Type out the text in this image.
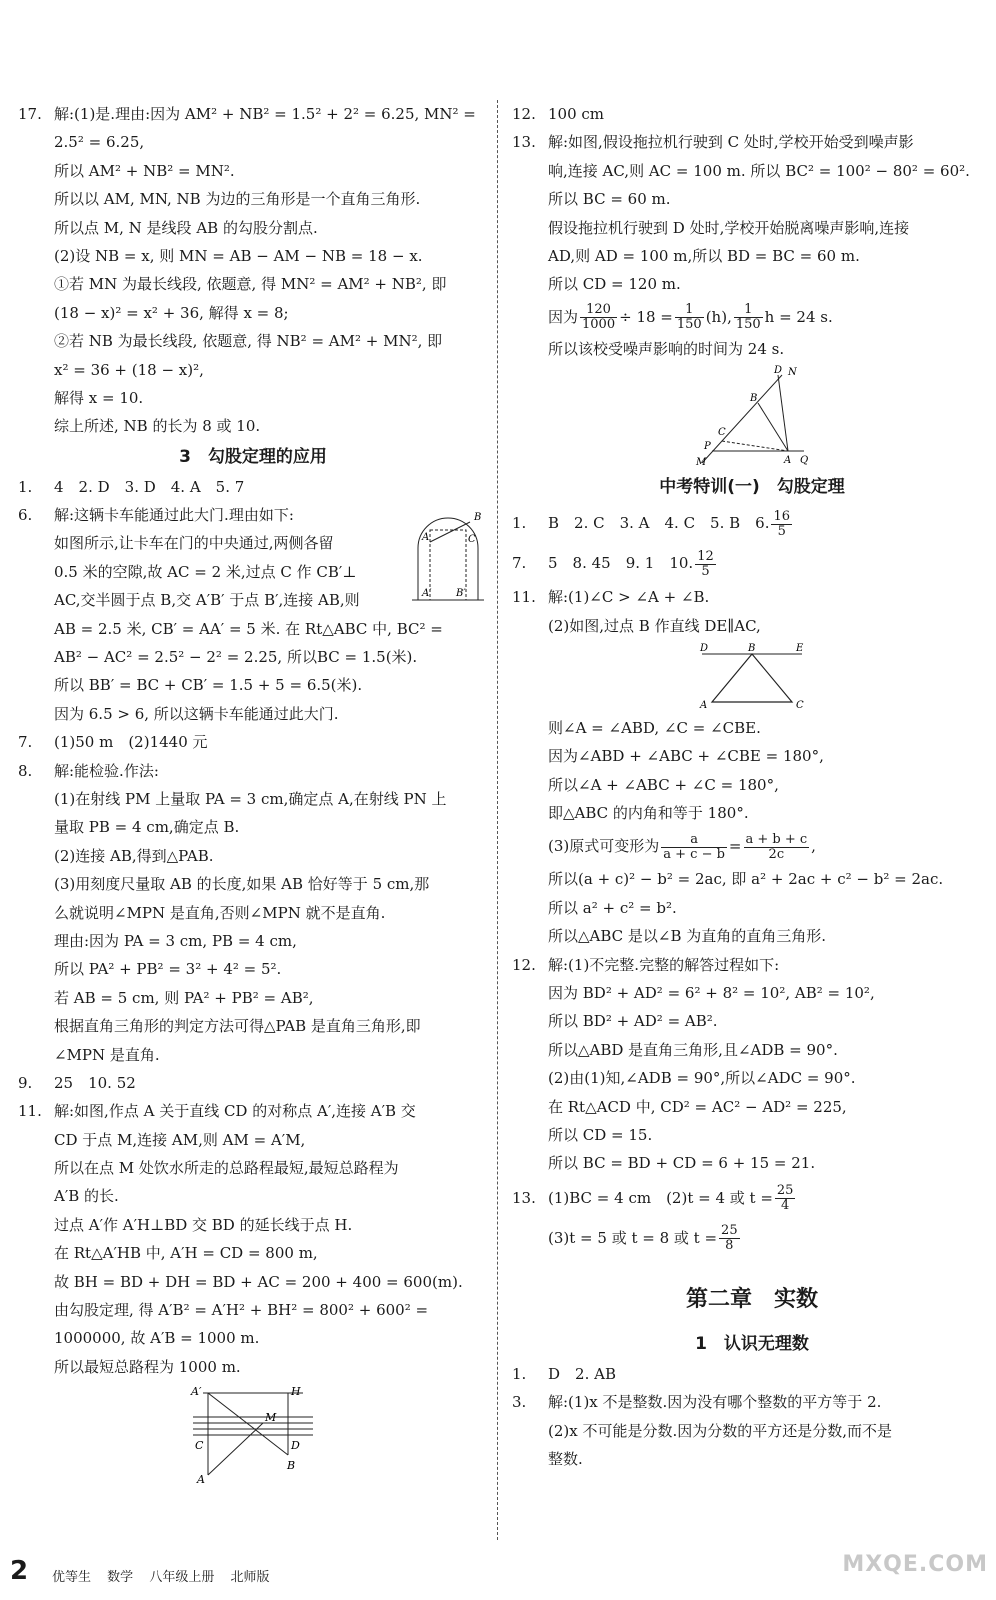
17. 解:(1)是.理由:因为 AM² + NB² = 1.5² + 2² = 6.25, MN² =
2.5² = 6.25,
所以 AM² + NB² = MN².
所以以 AM, MN, NB 为边的三角形是一个直角三角形.
所以点 M, N 是线段 AB 的勾股分割点.
(2)设 NB = x, 则 MN = AB − AM − NB = 18 − x.
①若 MN 为最长线段, 依题意, 得 MN² = AM² + NB², 即
(18 − x)² = x² + 36, 解得 x = 8;
②若 NB 为最长线段, 依题意, 得 NB² = AM² + MN², 即
x² = 36 + (18 − x)²,
解得 x = 10.
综上所述, NB 的长为 8 或 10.
3　勾股定理的应用
1. 4　2. D　3. D　4. A　5. 7
6. 解:这辆卡车能通过此大门.理由如下:
如图所示,让卡车在门的中央通过,两侧各留
0.5 米的空隙,故 AC = 2 米,过点 C 作 CB′⊥
AC,交半圆于点 B,交 A′B′ 于点 B′,连接 AB,则
AB = 2.5 米, CB′ = AA′ = 5 米. 在 Rt△ABC 中, BC² =
AB² − AC² = 2.5² − 2² = 2.25, 所以BC = 1.5(米).
所以 BB′ = BC + CB′ = 1.5 + 5 = 6.5(米).
因为 6.5 > 6, 所以这辆卡车能通过此大门.
7. (1)50 m　(2)1440 元
8. 解:能检验.作法:
(1)在射线 PM 上量取 PA = 3 cm,确定点 A,在射线 PN 上
量取 PB = 4 cm,确定点 B.
(2)连接 AB,得到△PAB.
(3)用刻度尺量取 AB 的长度,如果 AB 恰好等于 5 cm,那
么就说明∠MPN 是直角,否则∠MPN 就不是直角.
理由:因为 PA = 3 cm, PB = 4 cm,
所以 PA² + PB² = 3² + 4² = 5².
若 AB = 5 cm, 则 PA² + PB² = AB²,
根据直角三角形的判定方法可得△PAB 是直角三角形,即
∠MPN 是直角.
9. 25　10. 52
11. 解:如图,作点 A 关于直线 CD 的对称点 A′,连接 A′B 交
CD 于点 M,连接 AM,则 AM = A′M,
所以在点 M 处饮水所走的总路程最短,最短总路程为
A′B 的长.
过点 A′作 A′H⊥BD 交 BD 的延长线于点 H.
在 Rt△A′HB 中, A′H = CD = 800 m,
故 BH = BD + DH = BD + AC = 200 + 400 = 600(m).
由勾股定理, 得 A′B² = A′H² + BH² = 800² + 600² =
1000000, 故 A′B = 1000 m.
所以最短总路程为 1000 m.
A′	H
M
C	D
B
A
B
C
A′ B′
A
12. 100 cm
13. 解:如图,假设拖拉机行驶到 C 处时,学校开始受到噪声影
响,连接 AC,则 AC = 100 m. 所以 BC² = 100² − 80² = 60².
所以 BC = 60 m.
假设拖拉机行驶到 D 处时,学校开始脱离噪声影响,连接
AD,则 AD = 100 m,所以 BD = BC = 60 m.
所以 CD = 120 m.
因为 $\frac{120}{1000} \div 18 = \frac{1}{150} (h)$, $\frac{1}{150}$ h = 24 s.
所以该校受噪声影响的时间为 24 s.
D N
B
C
P
M	A Q
中考特训(一)　勾股定理
1. B　2. C　3. A　4. C　5. B　6. $\frac{16}{5}$
7. 5　8. 45　9. 1　10. $\frac{12}{5}$
11. 解:(1)∠C > ∠A + ∠B.
(2)如图,过点 B 作直线 DE∥AC,
D	B	E
A	C
则∠A = ∠ABD, ∠C = ∠CBE.
因为∠ABD + ∠ABC + ∠CBE = 180°,
所以∠A + ∠ABC + ∠C = 180°,
即△ABC 的内角和等于 180°.
(3)原式可变形为 $\frac{a}{a + c - b} = \frac{a + b + c}{2c}$ ,
所以(a + c)² − b² = 2ac, 即 a² + 2ac + c² − b² = 2ac.
所以 a² + c² = b².
所以△ABC 是以∠B 为直角的直角三角形.
12. 解:(1)不完整.完整的解答过程如下:
因为 BD² + AD² = 6² + 8² = 10², AB² = 10²,
所以 BD² + AD² = AB².
所以△ABD 是直角三角形,且∠ADB = 90°.
(2)由(1)知,∠ADB = 90°,所以∠ADC = 90°.
在 Rt△ACD 中, CD² = AC² − AD² = 225,
所以 CD = 15.
所以 BC = BD + CD = 6 + 15 = 21.
13. (1)BC = 4 cm　(2)t = 4 或 $t = \frac{25}{4}$
(3)t = 5 或 t = 8 或 $t = \frac{25}{8}$
第二章　实数
1　认识无理数
1. D　2. AB
3. 解:(1)x 不是整数.因为没有哪个整数的平方等于 2.
(2)x 不可能是分数.因为分数的平方还是分数,而不是
整数.
2 优等生 数学 八年级上册 北师版
MXQE.COM
